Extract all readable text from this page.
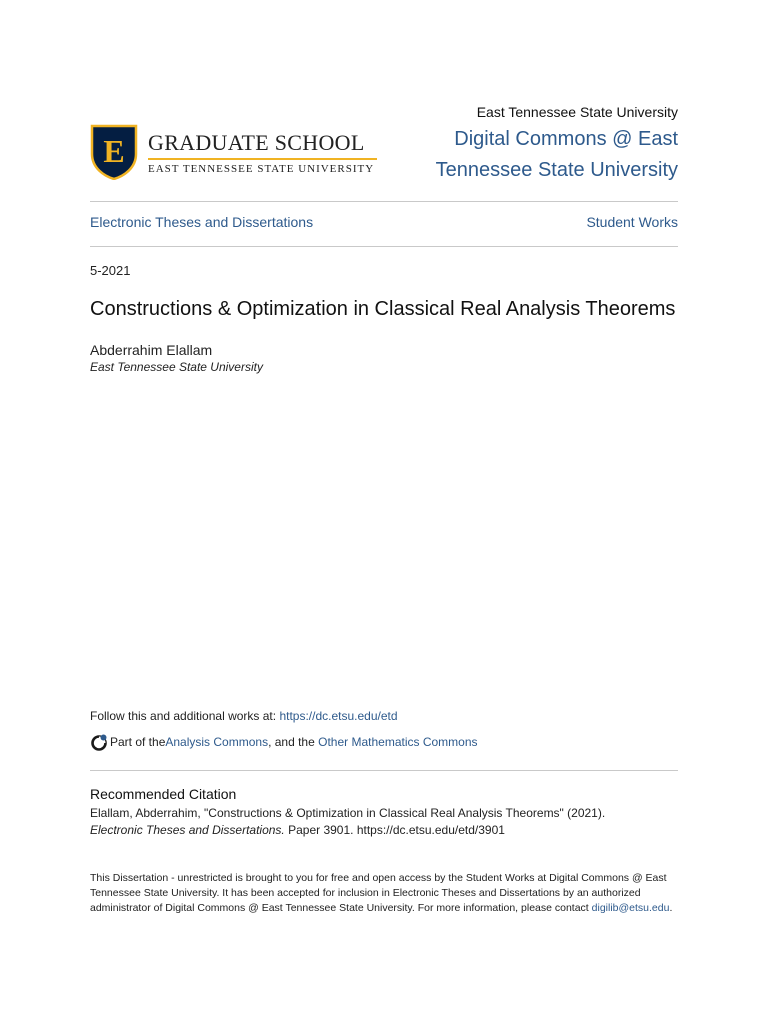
E GRADUATE SCHOOL
EAST TENNESSEE STATE UNIVERSITY
East Tennessee State University
Digital Commons @ East Tennessee State University
Electronic Theses and Dissertations	Student Works
5-2021
Constructions & Optimization in Classical Real Analysis Theorems
Abderrahim Elallam
East Tennessee State University
Follow this and additional works at: https://dc.etsu.edu/etd
Part of the Analysis Commons , and the Other Mathematics Commons
Recommended Citation
Elallam, Abderrahim, "Constructions & Optimization in Classical Real Analysis Theorems" (2021).
Electronic Theses and Dissertations. Paper 3901. https://dc.etsu.edu/etd/3901
This Dissertation - unrestricted is brought to you for free and open access by the Student Works at Digital Commons @ East Tennessee State University. It has been accepted for inclusion in Electronic Theses and Dissertations by an authorized administrator of Digital Commons @ East Tennessee State University. For more information, please contact digilib@etsu.edu.
